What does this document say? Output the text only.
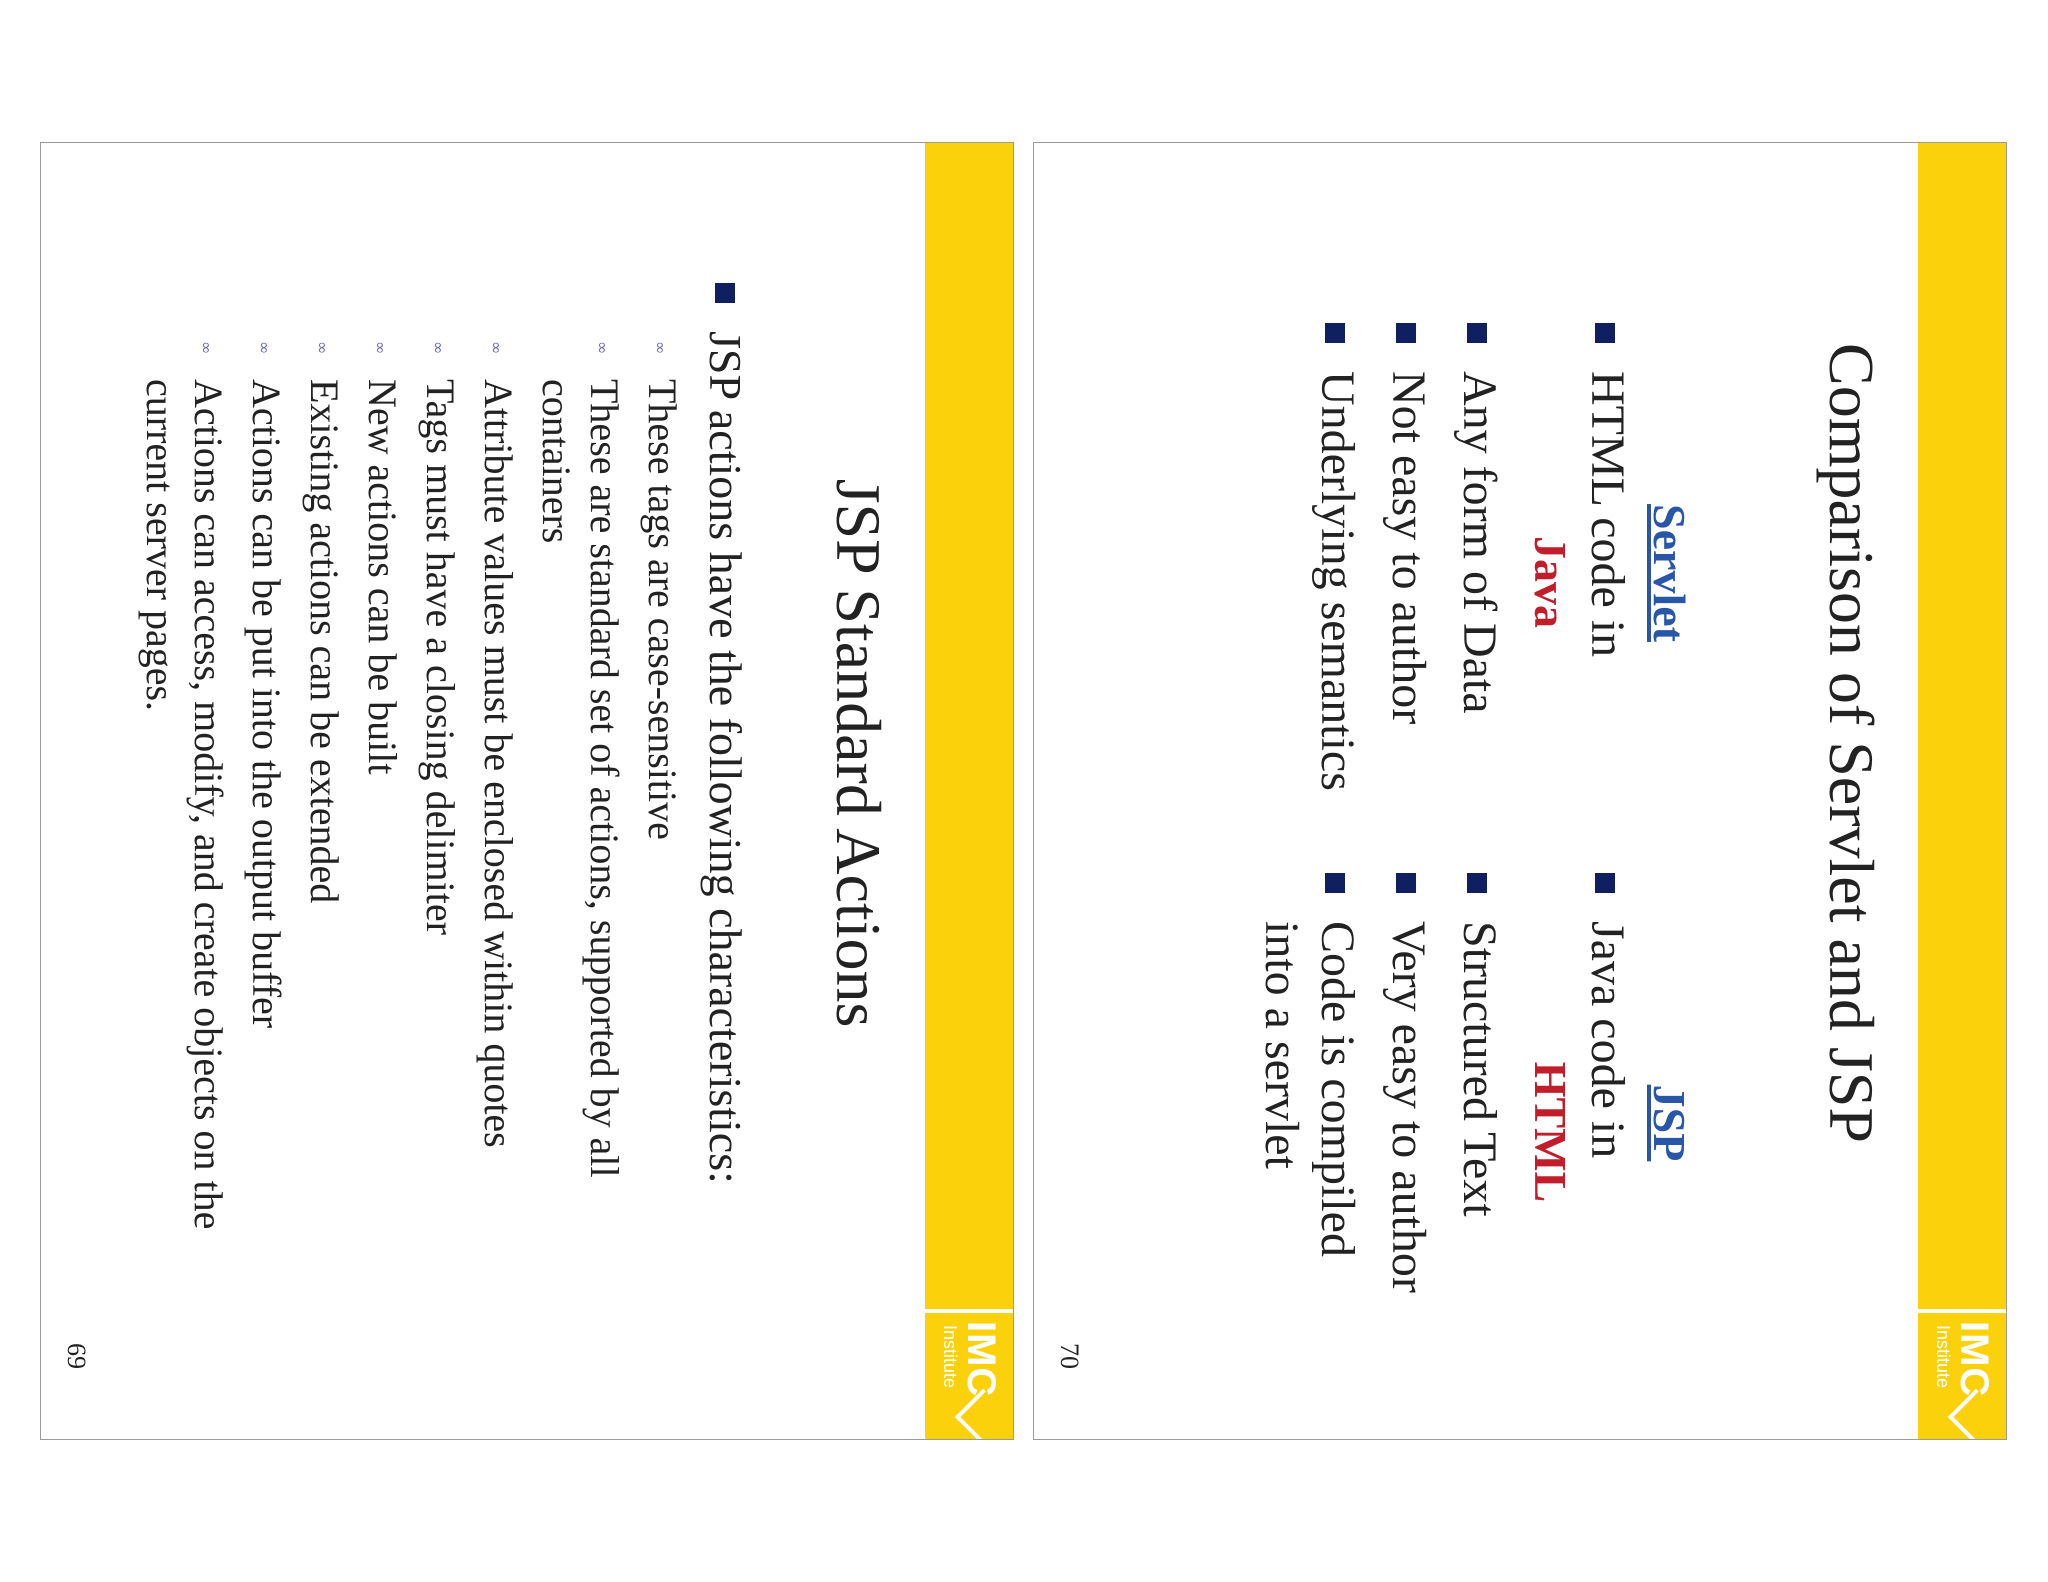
IMC
Institute
JSP Standard Actions
JSP actions have the following characteristics:
∞
These tags are case-sensitive
∞
These are standard set of actions, supported by all containers
∞
Attribute values must be enclosed within quotes
∞
Tags must have a closing delimiter
∞
New actions can be built
∞
Existing actions can be extended
∞
Actions can be put into the output buffer
∞
Actions can access, modify, and create objects on the current server pages.
69	IMC
Institute
Comparison of Servlet and JSP
Servlet
HTML code in
Java
Any form of Data
Not easy to author
Underlying semantics
JSP
Java code in
HTML
Structured Text
Very easy to author
Code is compiled into a servlet
70
